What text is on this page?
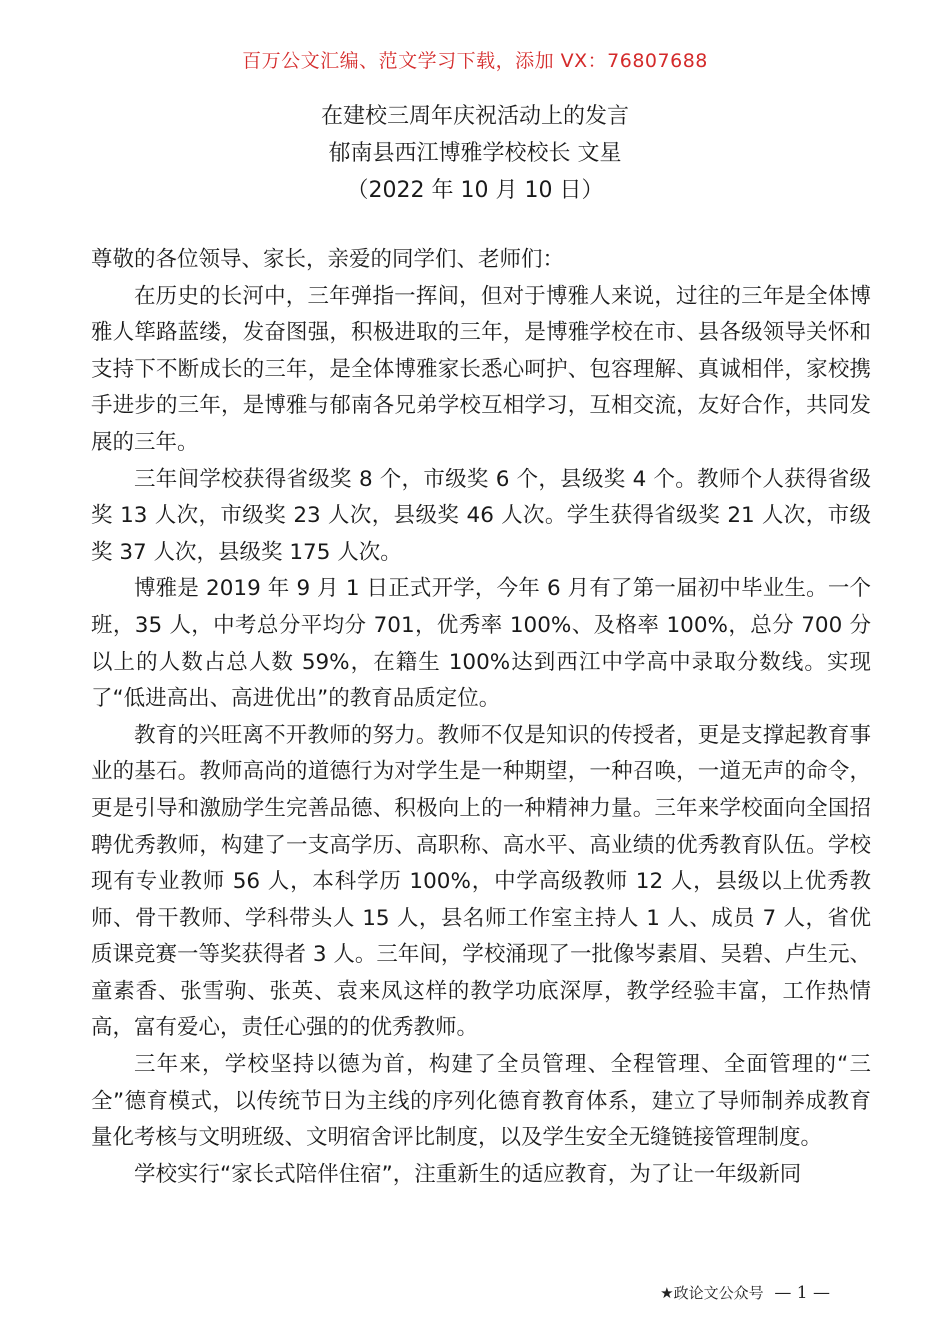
百万公文汇编、范文学习下载，添加 VX：76807688
在建校三周年庆祝活动上的发言
郁南县西江博雅学校校长 文星
（2022 年 10 月 10 日）

尊敬的各位领导、家长，亲爱的同学们、老师们：

在历史的长河中，三年弹指一挥间，但对于博雅人来说，过往的三年是全体博雅人筚路蓝缕，发奋图强，积极进取的三年，是博雅学校在市、县各级领导关怀和支持下不断成长的三年，是全体博雅家长悉心呵护、包容理解、真诚相伴，家校携手进步的三年，是博雅与郁南各兄弟学校互相学习，互相交流，友好合作，共同发展的三年。

三年间学校获得省级奖 8 个，市级奖 6 个，县级奖 4 个。教师个人获得省级奖 13 人次，市级奖 23 人次，县级奖 46 人次。学生获得省级奖 21 人次，市级奖 37 人次，县级奖 175 人次。

博雅是 2019 年 9 月 1 日正式开学，今年 6 月有了第一届初中毕业生。一个班，35 人，中考总分平均分 701，优秀率 100%、及格率 100%，总分 700 分以上的人数占总人数 59%，在籍生 100%达到西江中学高中录取分数线。实现了“低进高出、高进优出”的教育品质定位。

教育的兴旺离不开教师的努力。教师不仅是知识的传授者，更是支撑起教育事业的基石。教师高尚的道德行为对学生是一种期望，一种召唤，一道无声的命令，更是引导和激励学生完善品德、积极向上的一种精神力量。三年来学校面向全国招聘优秀教师，构建了一支高学历、高职称、高水平、高业绩的优秀教育队伍。学校现有专业教师 56 人，本科学历 100%，中学高级教师 12 人，县级以上优秀教师、骨干教师、学科带头人 15 人，县名师工作室主持人 1 人、成员 7 人，省优质课竞赛一等奖获得者 3 人。三年间，学校涌现了一批像岑素眉、吴碧、卢生元、童素香、张雪驹、张英、袁来凤这样的教学功底深厚，教学经验丰富，工作热情高，富有爱心，责任心强的的优秀教师。

三年来，学校坚持以德为首，构建了全员管理、全程管理、全面管理的“三全”德育模式，以传统节日为主线的序列化德育教育体系，建立了导师制养成教育量化考核与文明班级、文明宿舍评比制度，以及学生安全无缝链接管理制度。

学校实行“家长式陪伴住宿”，注重新生的适应教育，为了让一年级新同

★政论文公众号 — 1 —
